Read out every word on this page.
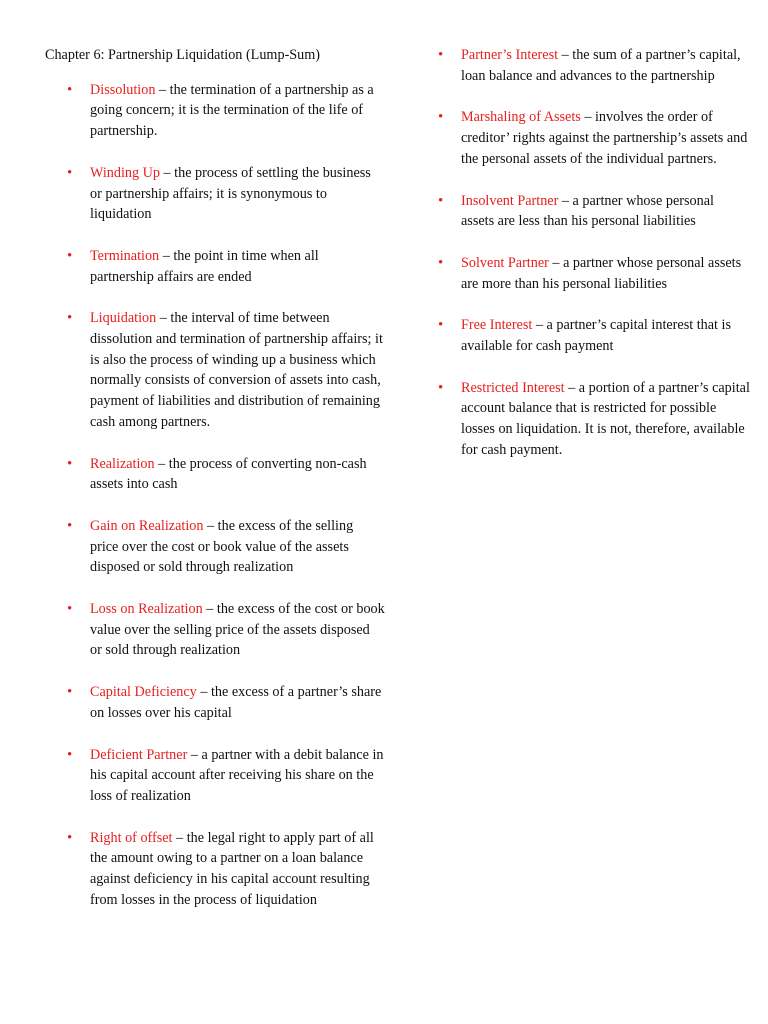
Chapter 6: Partnership Liquidation (Lump-Sum)
• Dissolution – the termination of a partnership as a going concern; it is the termination of the life of partnership.
• Winding Up – the process of settling the business or partnership affairs; it is synonymous to liquidation
• Termination – the point in time when all partnership affairs are ended
• Liquidation – the interval of time between dissolution and termination of partnership affairs; it is also the process of winding up a business which normally consists of conversion of assets into cash, payment of liabilities and distribution of remaining cash among partners.
• Realization – the process of converting non-cash assets into cash
• Gain on Realization – the excess of the selling price over the cost or book value of the assets disposed or sold through realization
• Loss on Realization – the excess of the cost or book value over the selling price of the assets disposed or sold through realization
• Capital Deficiency – the excess of a partner’s share on losses over his capital
• Deficient Partner – a partner with a debit balance in his capital account after receiving his share on the loss of realization
• Right of offset – the legal right to apply part of all the amount owing to a partner on a loan balance against deficiency in his capital account resulting from losses in the process of liquidation
• Partner’s Interest – the sum of a partner’s capital, loan balance and advances to the partnership
• Marshaling of Assets – involves the order of creditor’ rights against the partnership’s assets and the personal assets of the individual partners.
• Insolvent Partner – a partner whose personal assets are less than his personal liabilities
• Solvent Partner – a partner whose personal assets are more than his personal liabilities
• Free Interest – a partner’s capital interest that is available for cash payment
• Restricted Interest – a portion of a partner’s capital account balance that is restricted for possible losses on liquidation. It is not, therefore, available for cash payment.
